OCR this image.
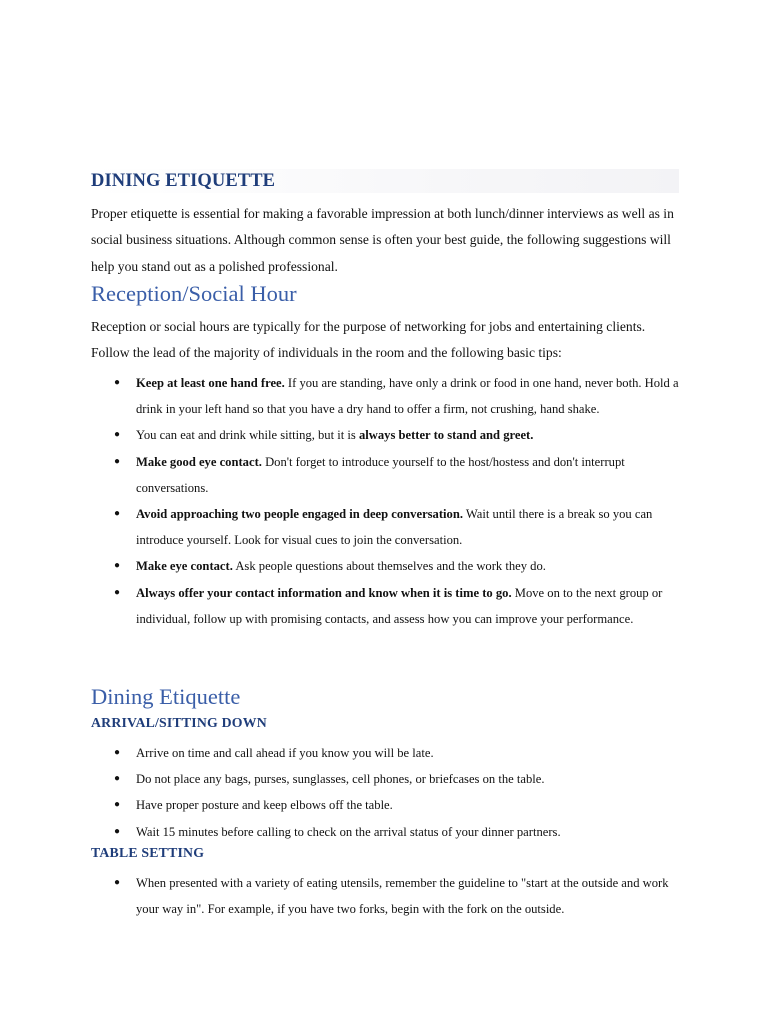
DINING ETIQUETTE
Proper etiquette is essential for making a favorable impression at both lunch/dinner interviews as well as in social business situations. Although common sense is often your best guide, the following suggestions will help you stand out as a polished professional.
Reception/Social Hour
Reception or social hours are typically for the purpose of networking for jobs and entertaining clients. Follow the lead of the majority of individuals in the room and the following basic tips:
● Keep at least one hand free. If you are standing, have only a drink or food in one hand, never both. Hold a drink in your left hand so that you have a dry hand to offer a firm, not crushing, hand shake.
● You can eat and drink while sitting, but it is always better to stand and greet.
● Make good eye contact. Don't forget to introduce yourself to the host/hostess and don't interrupt conversations.
● Avoid approaching two people engaged in deep conversation. Wait until there is a break so you can introduce yourself. Look for visual cues to join the conversation.
● Make eye contact. Ask people questions about themselves and the work they do.
● Always offer your contact information and know when it is time to go. Move on to the next group or individual, follow up with promising contacts, and assess how you can improve your performance.
Dining Etiquette
ARRIVAL/SITTING DOWN
● Arrive on time and call ahead if you know you will be late.
● Do not place any bags, purses, sunglasses, cell phones, or briefcases on the table.
● Have proper posture and keep elbows off the table.
● Wait 15 minutes before calling to check on the arrival status of your dinner partners.
TABLE SETTING
● When presented with a variety of eating utensils, remember the guideline to "start at the outside and work your way in". For example, if you have two forks, begin with the fork on the outside.
